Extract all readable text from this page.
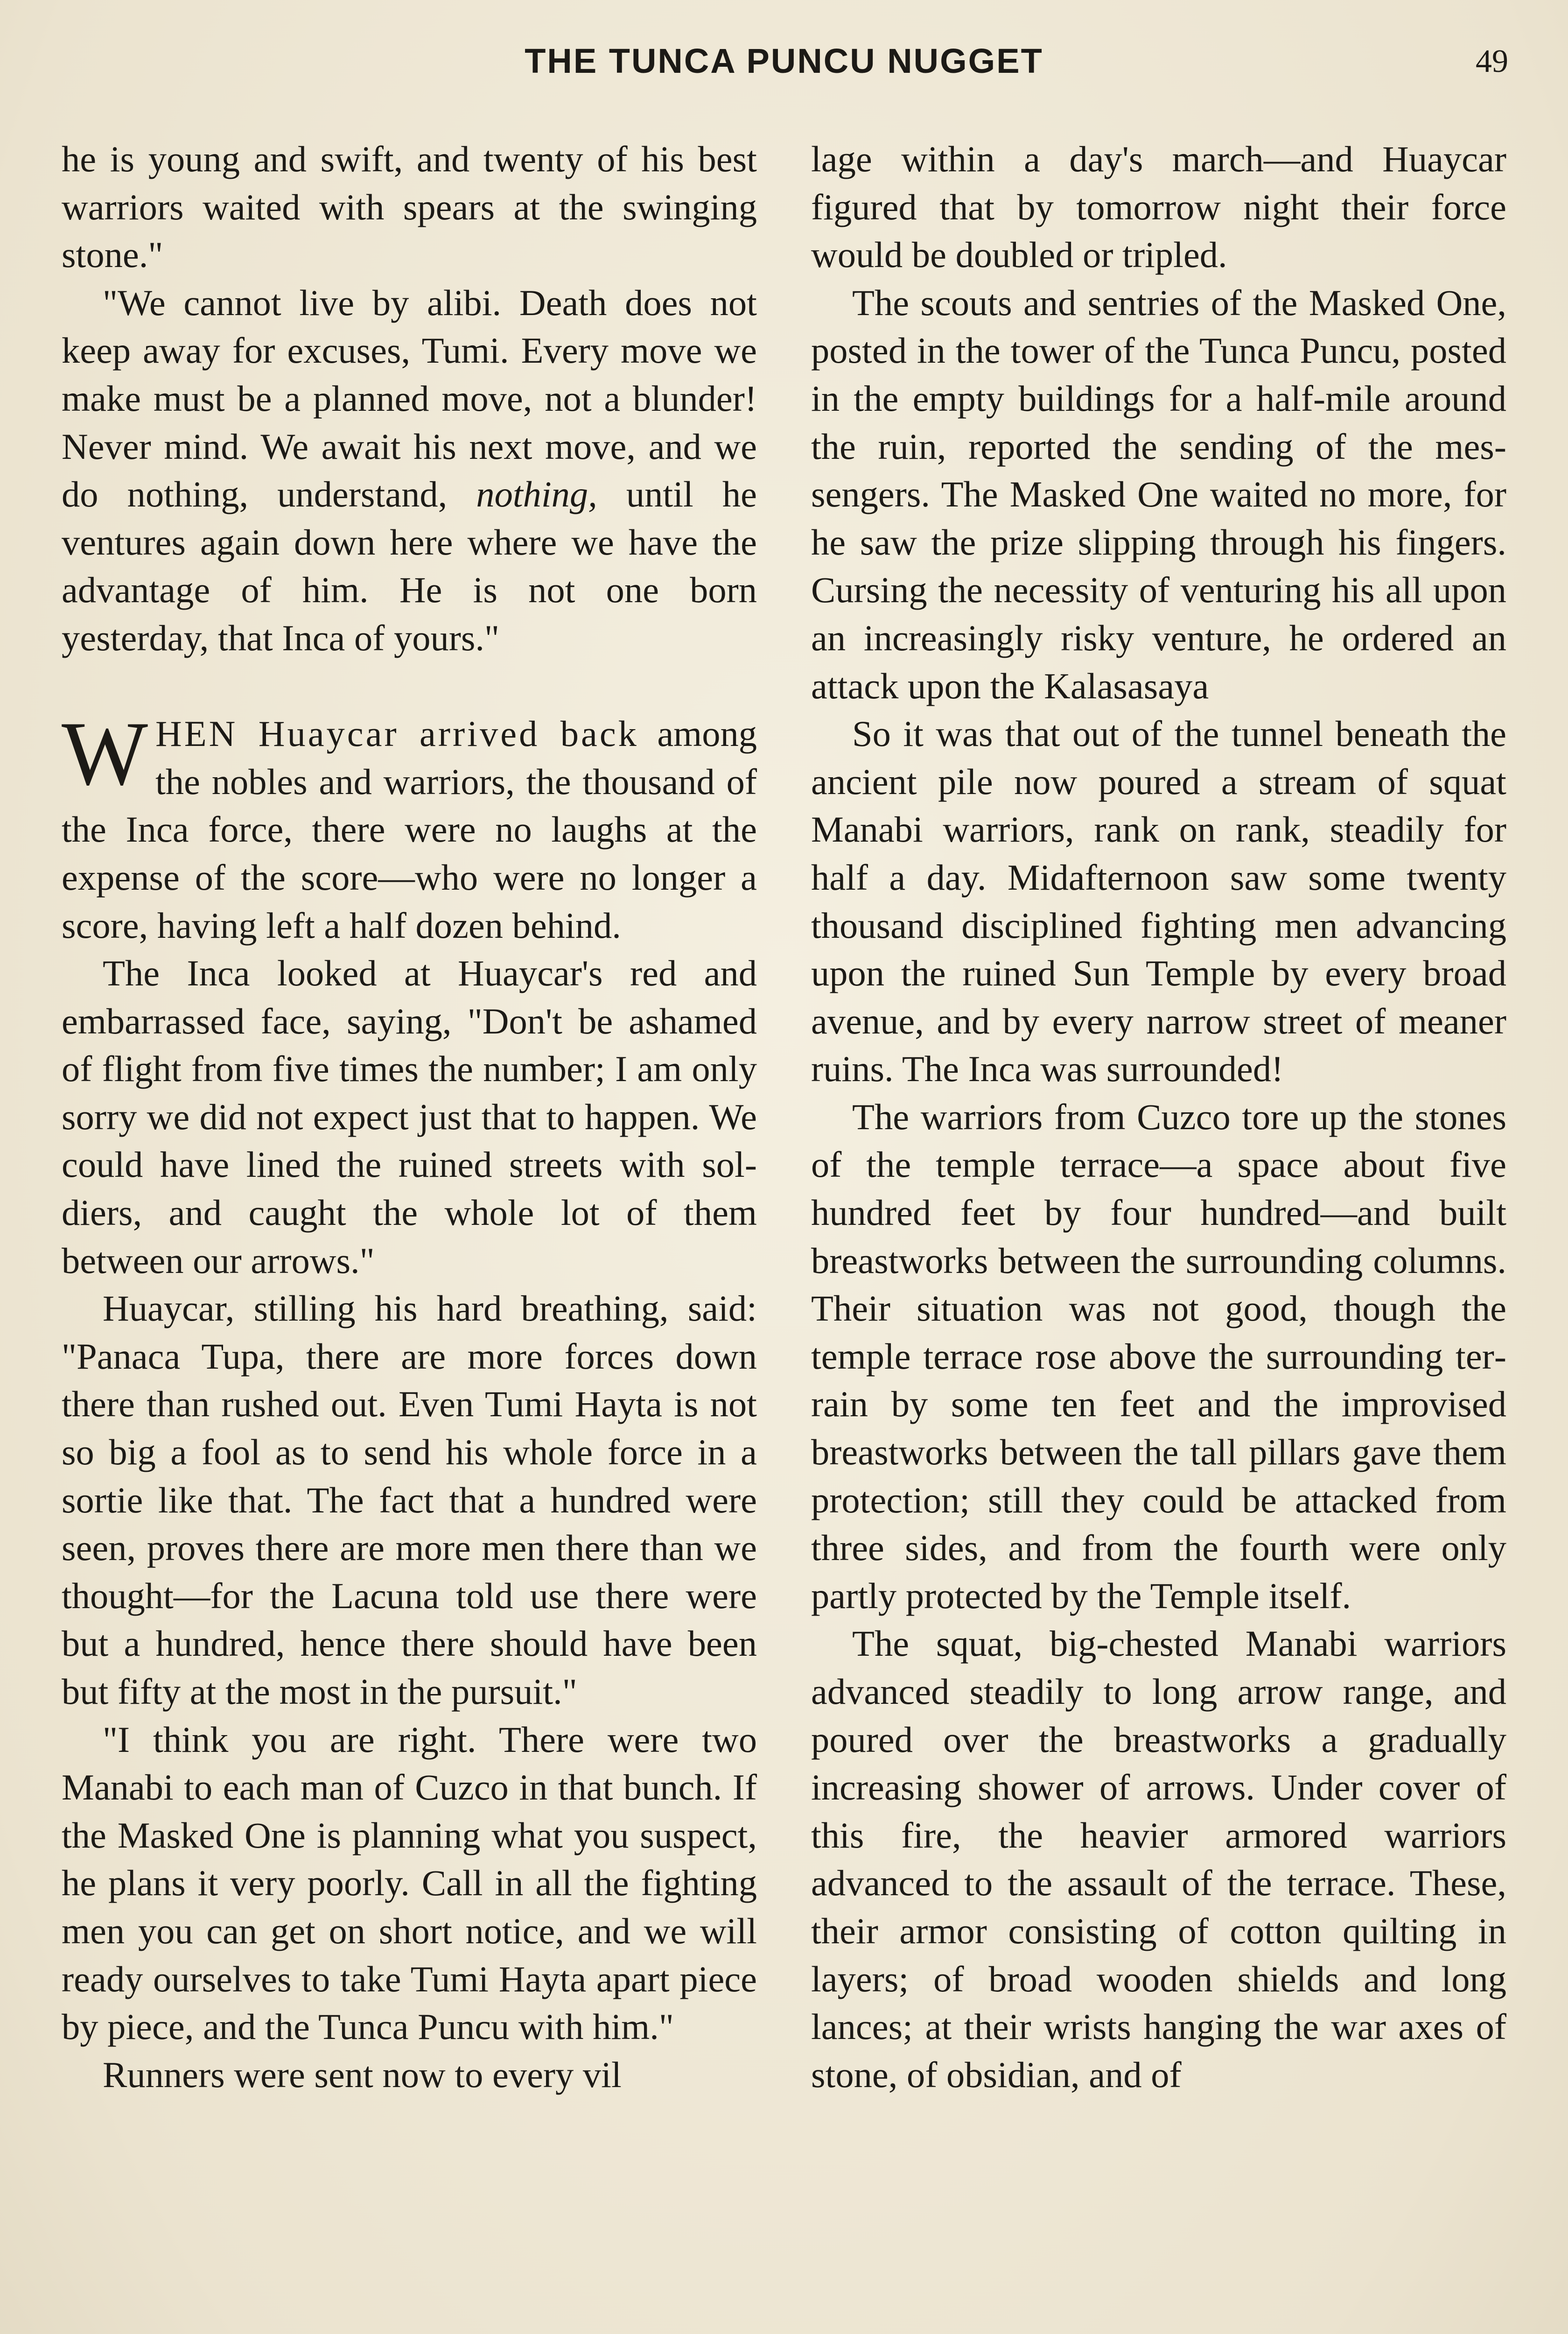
THE TUNCA PUNCU NUGGET	49

he is young and swift, and twenty of his best warriors waited with spears at the swinging stone."

"We cannot live by alibi. Death does not keep away for excuses, Tumi. Every move we make must be a planned move, not a blunder! Never mind. We await his next move, and we do nothing, understand, nothing, until he ventures again down here where we have the advantage of him. He is not one born yesterday, that Inca of yours."

WHEN Huaycar arrived back among the nobles and warriors, the thousand of the Inca force, there were no laughs at the expense of the score—who were no longer a score, having left a half dozen behind.

The Inca looked at Huaycar's red and embarrassed face, saying, "Don't be ashamed of flight from five times the number; I am only sorry we did not expect just that to happen. We could have lined the ruined streets with soldiers, and caught the whole lot of them between our arrows."

Huaycar, stilling his hard breathing, said: "Panaca Tupa, there are more forces down there than rushed out. Even Tumi Hayta is not so big a fool as to send his whole force in a sortie like that. The fact that a hundred were seen, proves there are more men there than we thought—for the Lacuna told use there were but a hundred, hence there should have been but fifty at the most in the pursuit."

"I think you are right. There were two Manabi to each man of Cuzco in that bunch. If the Masked One is planning what you suspect, he plans it very poorly. Call in all the fighting men you can get on short notice, and we will ready ourselves to take Tumi Hayta apart piece by piece, and the Tunca Puncu with him."

Runners were sent now to every vil

lage within a day's march—and Huaycar figured that by tomorrow night their force would be doubled or tripled.

The scouts and sentries of the Masked One, posted in the tower of the Tunca Puncu, posted in the empty buildings for a half-mile around the ruin, reported the sending of the messengers. The Masked One waited no more, for he saw the prize slipping through his fingers. Cursing the necessity of venturing his all upon an increasingly risky venture, he ordered an attack upon the Kalasasaya

So it was that out of the tunnel beneath the ancient pile now poured a stream of squat Manabi warriors, rank on rank, steadily for half a day. Midafternoon saw some twenty thousand disciplined fighting men advancing upon the ruined Sun Temple by every broad avenue, and by every narrow street of meaner ruins. The Inca was surrounded!

The warriors from Cuzco tore up the stones of the temple terrace—a space about five hundred feet by four hundred—and built breastworks between the surrounding columns. Their situation was not good, though the temple terrace rose above the surrounding terrain by some ten feet and the improvised breastworks between the tall pillars gave them protection; still they could be attacked from three sides, and from the fourth were only partly protected by the Temple itself.

The squat, big-chested Manabi warriors advanced steadily to long arrow range, and poured over the breastworks a gradually increasing shower of arrows. Under cover of this fire, the heavier armored warriors advanced to the assault of the terrace. These, their armor consisting of cotton quilting in layers; of broad wooden shields and long lances; at their wrists hanging the war axes of stone, of obsidian, and of
